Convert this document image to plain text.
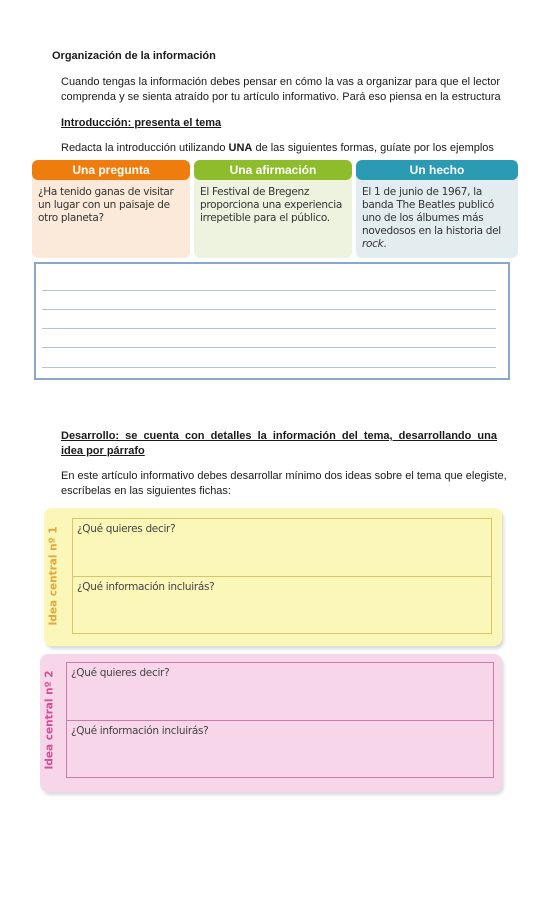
Organización de la información
Cuando tengas la información debes pensar en cómo la vas a organizar para que el lector
comprenda y se sienta atraído por tu artículo informativo. Pará eso piensa en la estructura
Introducción: presenta el tema
Redacta la introducción utilizando UNA de las siguientes formas, guíate por los ejemplos
Una pregunta
¿Ha tenido ganas de visitar un lugar con un paisaje de otro planeta?
Una afirmación
El Festival de Bregenz proporciona una experiencia irrepetible para el público.
Un hecho
El 1 de junio de 1967, la banda The Beatles publicó uno de los álbumes más novedosos en la historia del rock.
Desarrollo: se cuenta con detalles la información del tema, desarrollando una
idea por párrafo
En este artículo informativo debes desarrollar mínimo dos ideas sobre el tema que elegiste,
escríbelas en las siguientes fichas:
Idea central nº 1 ¿Qué quieres decir?
¿Qué información incluirás?
Idea central nº 2 ¿Qué quieres decir?
¿Qué información incluirás?
